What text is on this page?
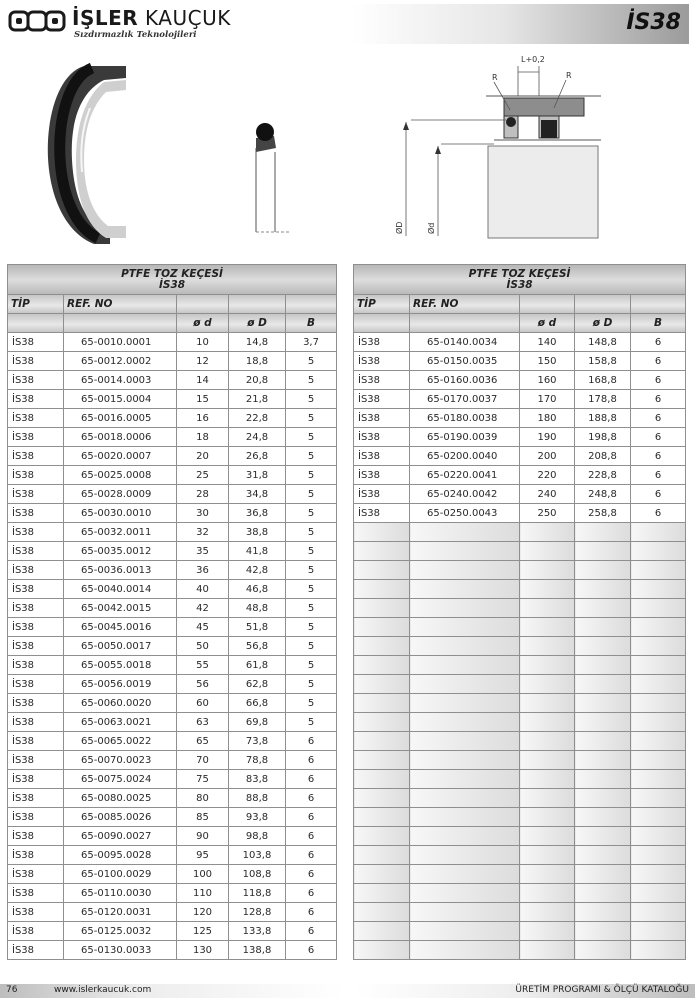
İŞLER KAUÇUK
Sızdırmazlık Teknolojileri	İS38
L+0,2
R	R
ØD	Ød
PTFE TOZ KEÇESİ
İS38				

TİP	REF. NO			
		ø d	ø D	B
İS38	65-0010.0001	10	14,8	3,7
İS38	65-0012.0002	12	18,8	5
İS38	65-0014.0003	14	20,8	5
İS38	65-0015.0004	15	21,8	5
İS38	65-0016.0005	16	22,8	5
İS38	65-0018.0006	18	24,8	5
İS38	65-0020.0007	20	26,8	5
İS38	65-0025.0008	25	31,8	5
İS38	65-0028.0009	28	34,8	5
İS38	65-0030.0010	30	36,8	5
İS38	65-0032.0011	32	38,8	5
İS38	65-0035.0012	35	41,8	5
İS38	65-0036.0013	36	42,8	5
İS38	65-0040.0014	40	46,8	5
İS38	65-0042.0015	42	48,8	5
İS38	65-0045.0016	45	51,8	5
İS38	65-0050.0017	50	56,8	5
İS38	65-0055.0018	55	61,8	5
İS38	65-0056.0019	56	62,8	5
İS38	65-0060.0020	60	66,8	5
İS38	65-0063.0021	63	69,8	5
İS38	65-0065.0022	65	73,8	6
İS38	65-0070.0023	70	78,8	6
İS38	65-0075.0024	75	83,8	6
İS38	65-0080.0025	80	88,8	6
İS38	65-0085.0026	85	93,8	6
İS38	65-0090.0027	90	98,8	6
İS38	65-0095.0028	95	103,8	6
İS38	65-0100.0029	100	108,8	6
İS38	65-0110.0030	110	118,8	6
İS38	65-0120.0031	120	128,8	6
İS38	65-0125.0032	125	133,8	6
İS38	65-0130.0033	130	138,8	6
PTFE TOZ KEÇESİ
İS38				

TİP	REF. NO			
		ø d	ø D	B
İS38	65-0140.0034	140	148,8	6
İS38	65-0150.0035	150	158,8	6
İS38	65-0160.0036	160	168,8	6
İS38	65-0170.0037	170	178,8	6
İS38	65-0180.0038	180	188,8	6
İS38	65-0190.0039	190	198,8	6
İS38	65-0200.0040	200	208,8	6
İS38	65-0220.0041	220	228,8	6
İS38	65-0240.0042	240	248,8	6
İS38	65-0250.0043	250	258,8	6

76	www.islerkaucuk.com	ÜRETİM PROGRAMI & ÖLÇÜ KATALOĞU
